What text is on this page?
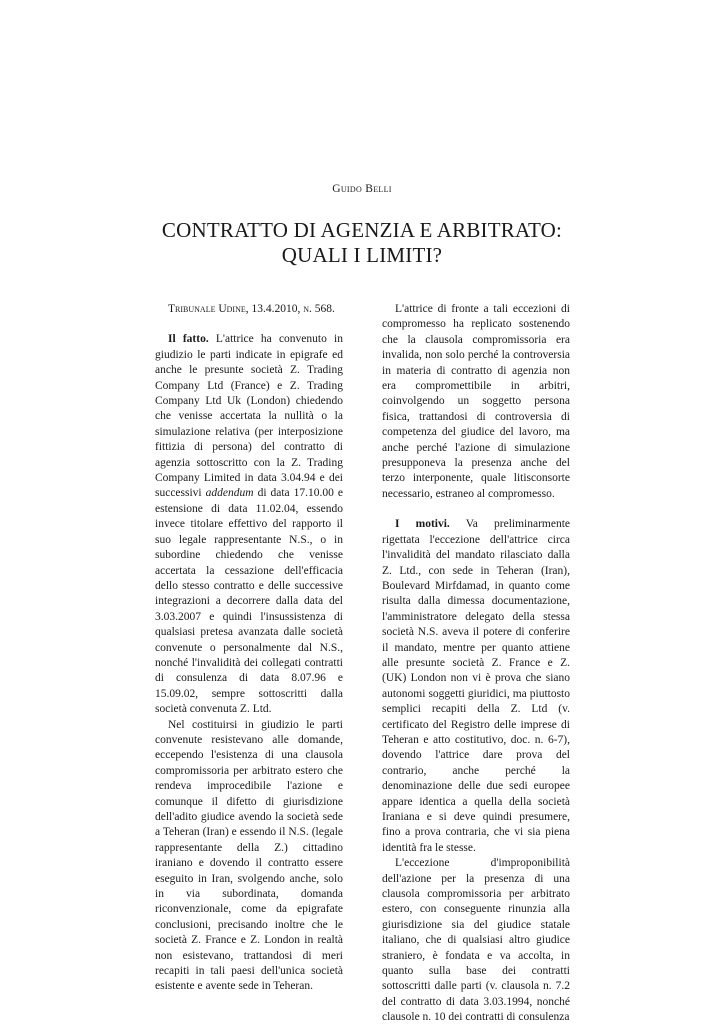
Guido Belli
CONTRATTO DI AGENZIA E ARBITRATO:
QUALI I LIMITI?

Tribunale Udine, 13.4.2010, n. 568.

Il fatto. L'attrice ha convenuto in giudizio le parti indicate in epigrafe ed anche le presunte società Z. Trading Company Ltd (France) e Z. Trading Company Ltd Uk (London) chiedendo che venisse accertata la nullità o la simulazione relativa (per interposizione fittizia di persona) del contratto di agenzia sottoscritto con la Z. Trading Company Limited in data 3.04.94 e dei successivi addendum di data 17.10.00 e estensione di data 11.02.04, essendo invece titolare effettivo del rapporto il suo legale rappresentante N.S., o in subordine chiedendo che venisse accertata la cessazione dell'efficacia dello stesso contratto e delle successive integrazioni a decorrere dalla data del 3.03.2007 e quindi l'insussistenza di qualsiasi pretesa avanzata dalle società convenute o personalmente dal N.S., nonché l'invalidità dei collegati contratti di consulenza di data 8.07.96 e 15.09.02, sempre sottoscritti dalla società convenuta Z. Ltd.

Nel costituirsi in giudizio le parti convenute resistevano alle domande, eccependo l'esistenza di una clausola compromissoria per arbitrato estero che rendeva improcedibile l'azione e comunque il difetto di giurisdizione dell'adito giudice avendo la società sede a Teheran (Iran) e essendo il N.S. (legale rappresentante della Z.) cittadino iraniano e dovendo il contratto essere eseguito in Iran, svolgendo anche, solo in via subordinata, domanda riconvenzionale, come da epigrafate conclusioni, precisando inoltre che le società Z. France e Z. London in realtà non esistevano, trattandosi di meri recapiti in tali paesi dell'unica società esistente e avente sede in Teheran.

L'attrice di fronte a tali eccezioni di compromesso ha replicato sostenendo che la clausola compromissoria era invalida, non solo perché la controversia in materia di contratto di agenzia non era compromettibile in arbitri, coinvolgendo un soggetto persona fisica, trattandosi di controversia di competenza del giudice del lavoro, ma anche perché l'azione di simulazione presupponeva la presenza anche del terzo interponente, quale litisconsorte necessario, estraneo al compromesso.

I motivi. Va preliminarmente rigettata l'eccezione dell'attrice circa l'invalidità del mandato rilasciato dalla Z. Ltd., con sede in Teheran (Iran), Boulevard Mirfdamad, in quanto come risulta dalla dimessa documentazione, l'amministratore delegato della stessa società N.S. aveva il potere di conferire il mandato, mentre per quanto attiene alle presunte società Z. France e Z. (UK) London non vi è prova che siano autonomi soggetti giuridici, ma piuttosto semplici recapiti della Z. Ltd (v. certificato del Registro delle imprese di Teheran e atto costitutivo, doc. n. 6-7), dovendo l'attrice dare prova del contrario, anche perché la denominazione delle due sedi europee appare identica a quella della società Iraniana e si deve quindi presumere, fino a prova contraria, che vi sia piena identità fra le stesse.

L'eccezione d'improponibilità dell'azione per la presenza di una clausola compromissoria per arbitrato estero, con conseguente rinunzia alla giurisdizione sia del giudice statale italiano, che di qualsiasi altro giudice straniero, è fondata e va accolta, in quanto sulla base dei contratti sottoscritti dalle parti (v. clausola n. 7.2 del contratto di data 3.03.1994, nonché clausole n. 10 dei contratti di consulenza
